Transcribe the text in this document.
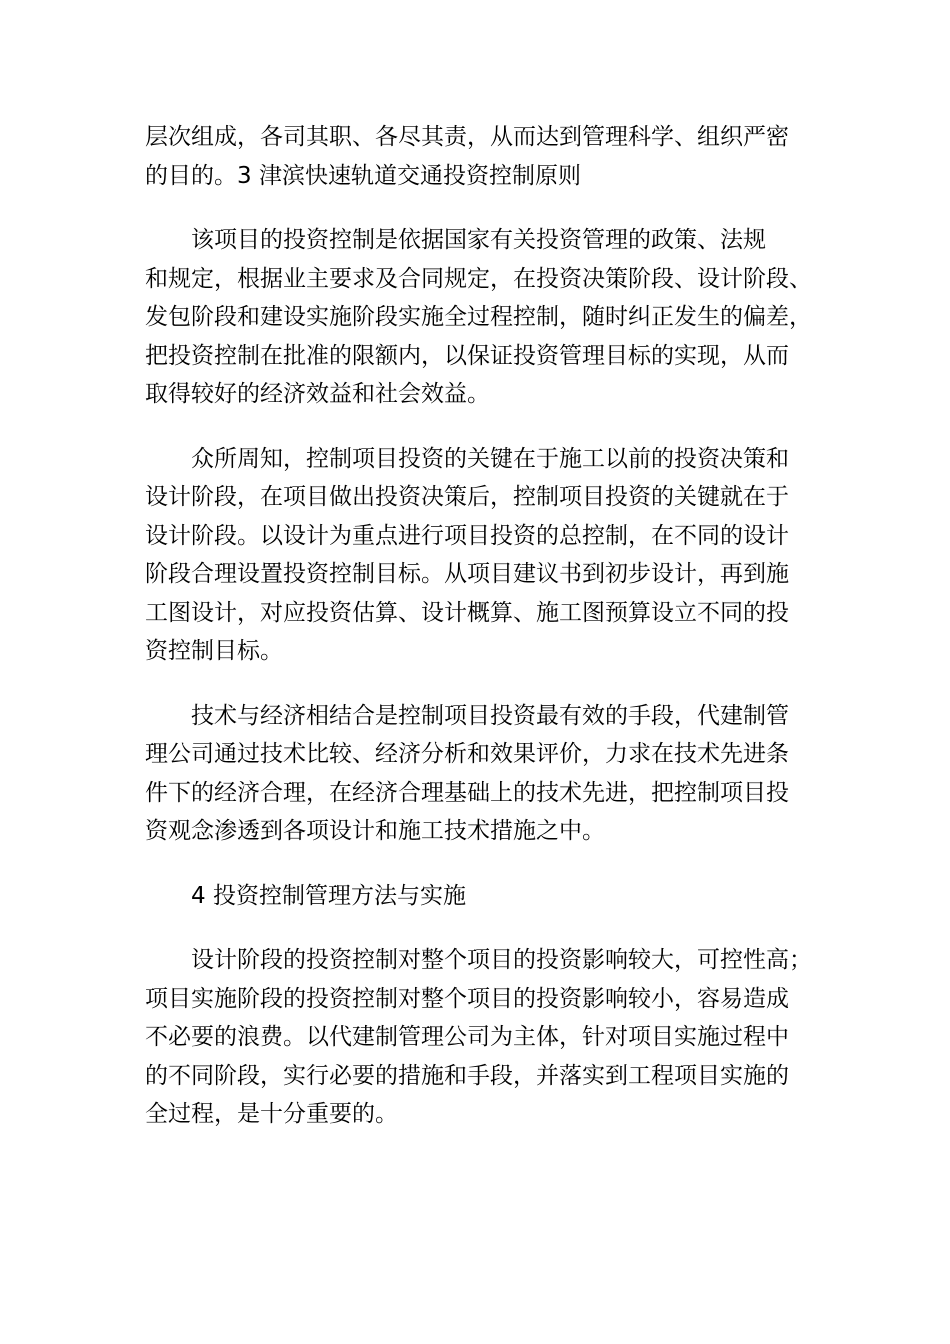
层次组成，各司其职、各尽其责，从而达到管理科学、组织严密
的目的。3 津滨快速轨道交通投资控制原则
该项目的投资控制是依据国家有关投资管理的政策、法规
和规定，根据业主要求及合同规定，在投资决策阶段、设计阶段、
发包阶段和建设实施阶段实施全过程控制，随时纠正发生的偏差，
把投资控制在批准的限额内，以保证投资管理目标的实现，从而
取得较好的经济效益和社会效益。
众所周知，控制项目投资的关键在于施工以前的投资决策和
设计阶段，在项目做出投资决策后，控制项目投资的关键就在于
设计阶段。以设计为重点进行项目投资的总控制，在不同的设计
阶段合理设置投资控制目标。从项目建议书到初步设计，再到施
工图设计，对应投资估算、设计概算、施工图预算设立不同的投
资控制目标。
技术与经济相结合是控制项目投资最有效的手段，代建制管
理公司通过技术比较、经济分析和效果评价，力求在技术先进条
件下的经济合理，在经济合理基础上的技术先进，把控制项目投
资观念渗透到各项设计和施工技术措施之中。
4 投资控制管理方法与实施
设计阶段的投资控制对整个项目的投资影响较大，可控性高；
项目实施阶段的投资控制对整个项目的投资影响较小，容易造成
不必要的浪费。以代建制管理公司为主体，针对项目实施过程中
的不同阶段，实行必要的措施和手段，并落实到工程项目实施的
全过程，是十分重要的。
